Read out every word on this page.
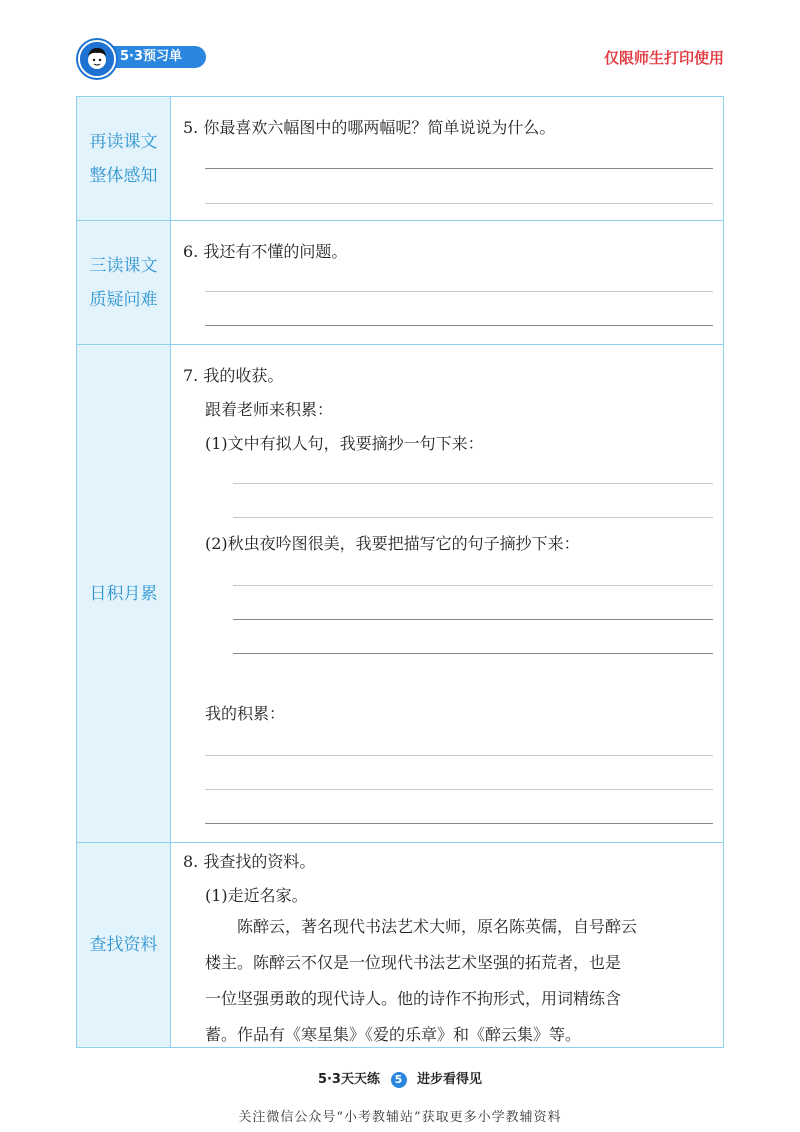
5·3预习单	仅限师生打印使用
再读课文
整体感知
5. 你最喜欢六幅图中的哪两幅呢？简单说说为什么。
三读课文
质疑问难
6. 我还有不懂的问题。
日积月累
7. 我的收获。
跟着老师来积累：
(1)文中有拟人句，我要摘抄一句下来：
(2)秋虫夜吟图很美，我要把描写它的句子摘抄下来：
我的积累：
查找资料
8. 我查找的资料。
(1)走近名家。
陈醉云，著名现代书法艺术大师，原名陈英儒，自号醉云
楼主。陈醉云不仅是一位现代书法艺术坚强的拓荒者，也是
一位坚强勇敢的现代诗人。他的诗作不拘形式，用词精练含
蓄。作品有《寒星集》《爱的乐章》和《醉云集》等。
5·3天天练 5 进步看得见
关注微信公众号“小考教辅站”获取更多小学教辅资料
